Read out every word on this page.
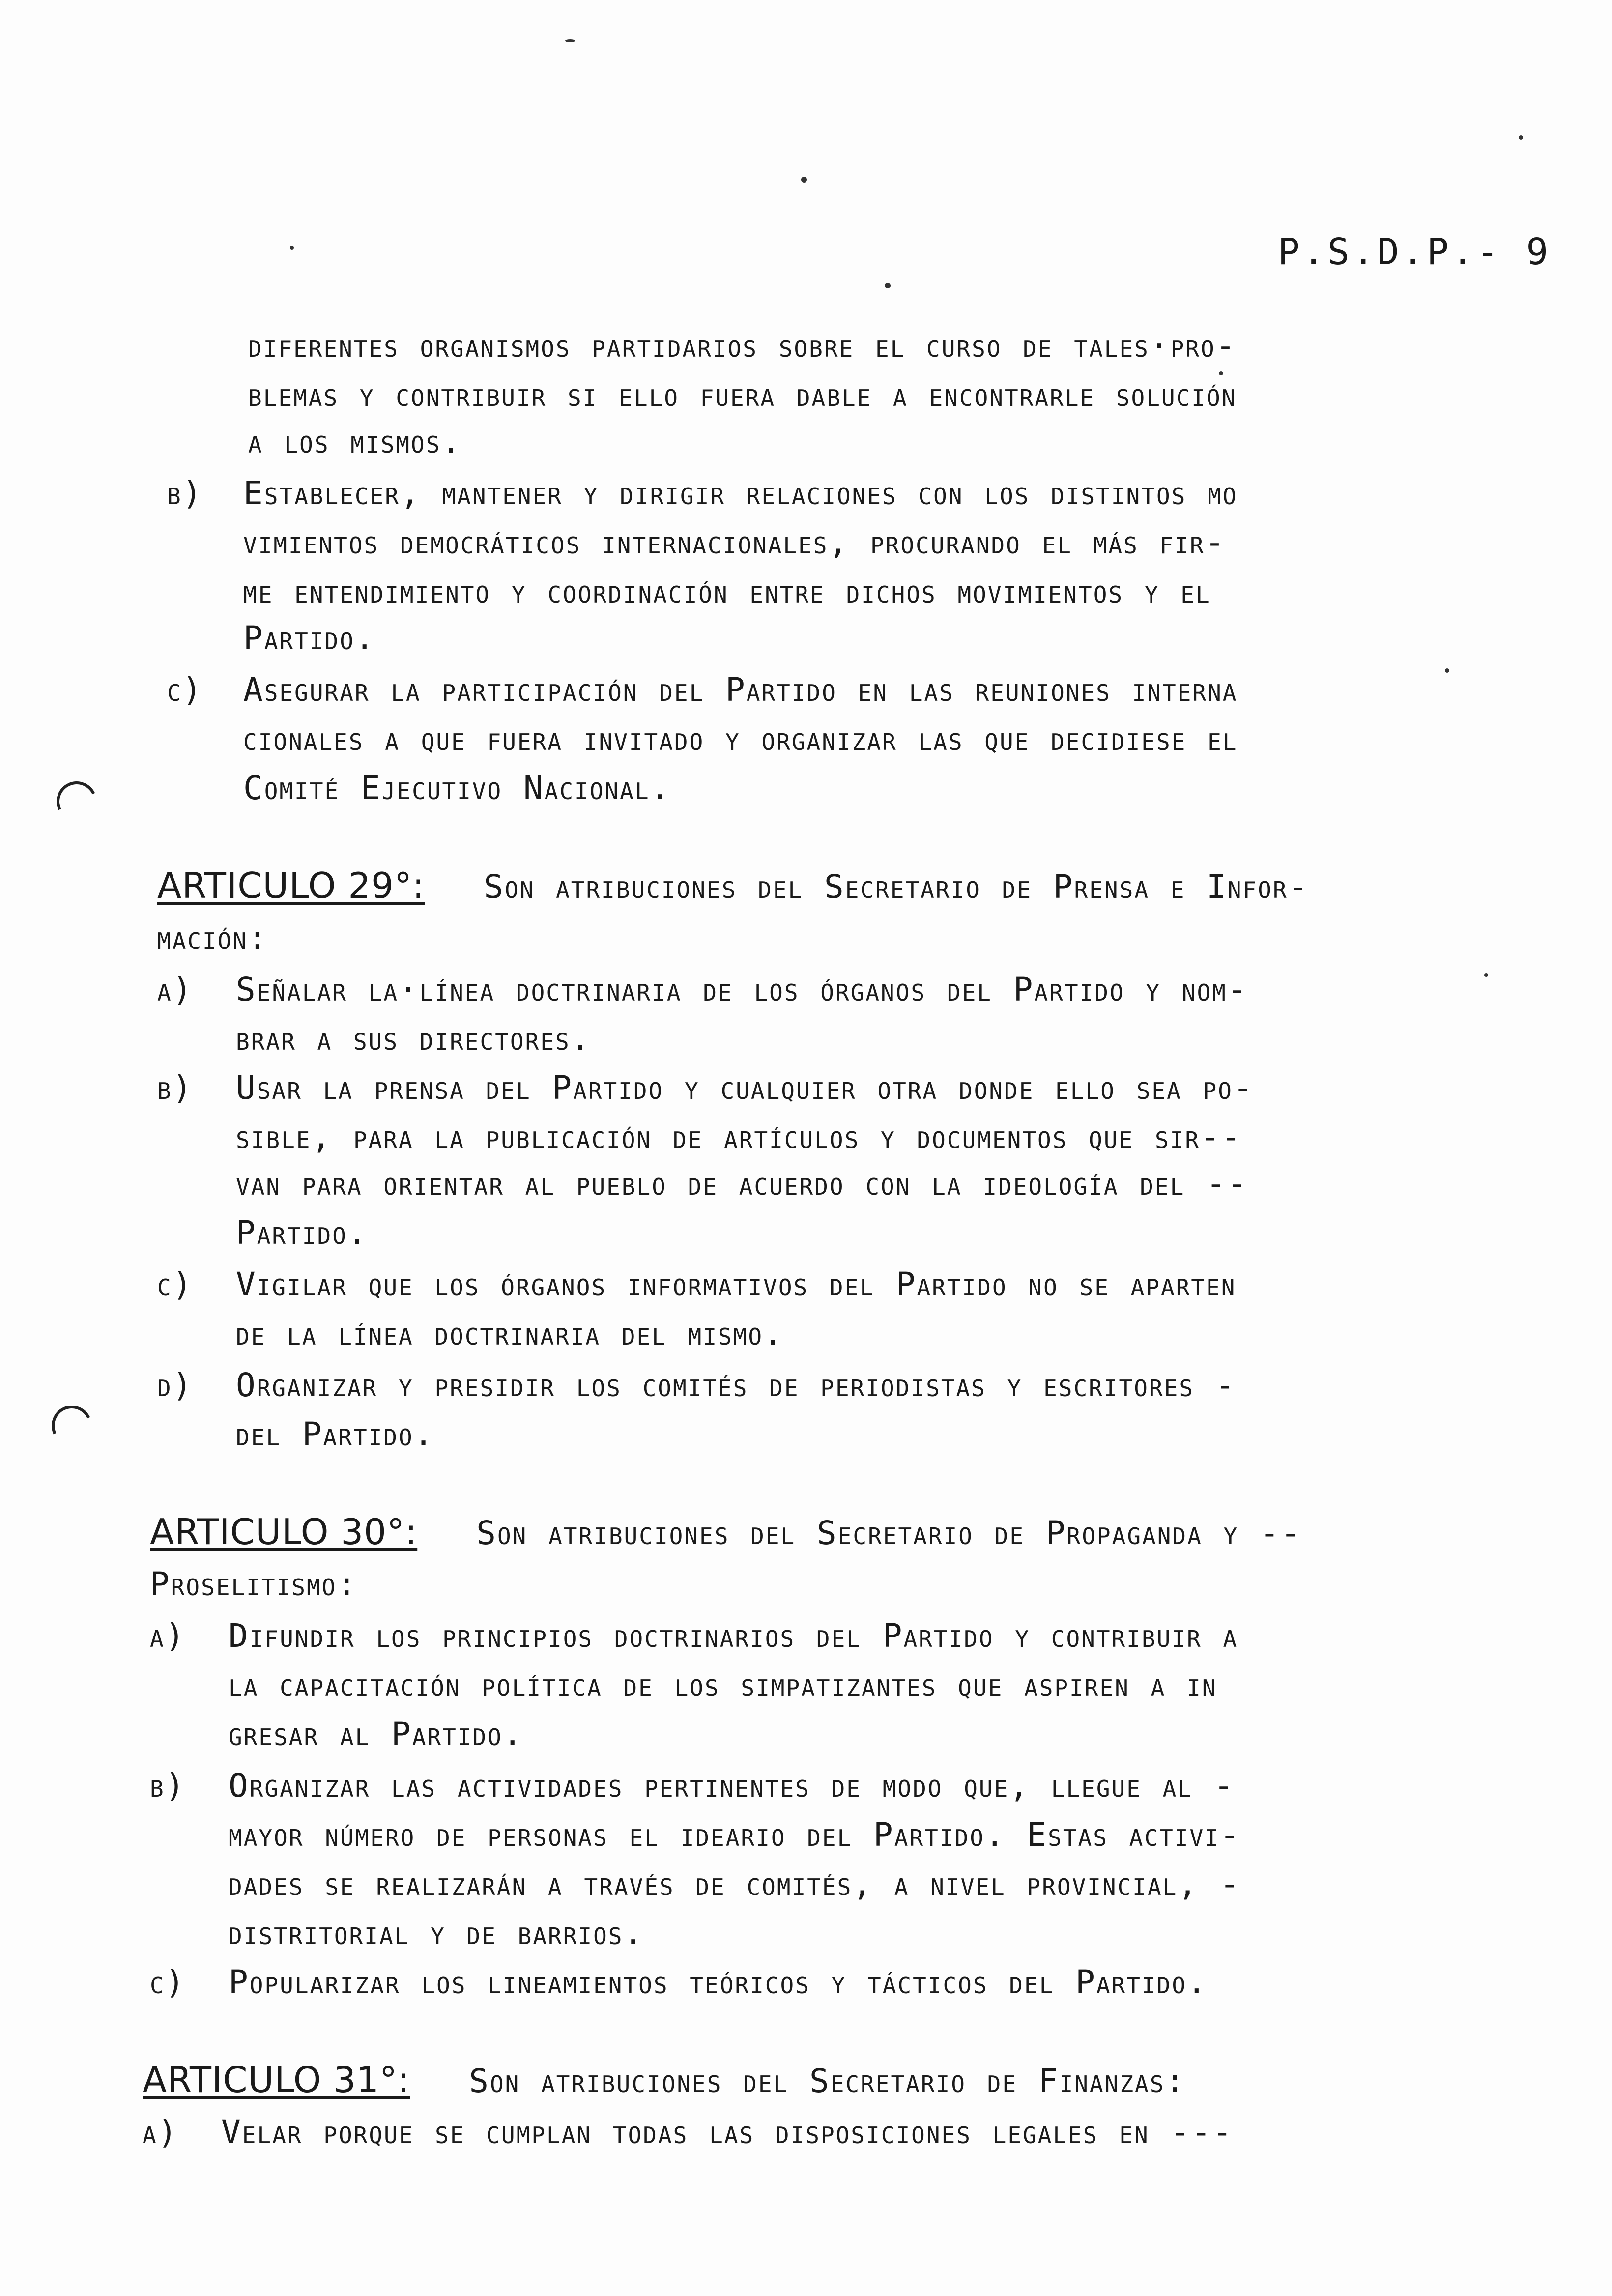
P.S.D.P.- 9
diferentes organismos partidarios sobre el curso de tales·pro-
blemas y contribuir si ello fuera dable a encontrarle solución
a los mismos.
b) Establecer, mantener y dirigir relaciones con los distintos mo
vimientos democráticos internacionales, procurando el más fir-
me entendimiento y coordinación entre dichos movimientos y el
Partido.
c) Asegurar la participación del Partido en las reuniones interna
cionales a que fuera invitado y organizar las que decidiese el
Comité Ejecutivo Nacional.
ARTICULO 29°: Son atribuciones del Secretario de Prensa e Infor-
mación:
a) Señalar la·línea doctrinaria de los órganos del Partido y nom-
brar a sus directores.
b) Usar la prensa del Partido y cualquier otra donde ello sea po-
sible, para la publicación de artículos y documentos que sir--
van para orientar al pueblo de acuerdo con la ideología del --
Partido.
c) Vigilar que los órganos informativos del Partido no se aparten
de la línea doctrinaria del mismo.
d) Organizar y presidir los comités de periodistas y escritores -
del Partido.
ARTICULO 30°: Son atribuciones del Secretario de Propaganda y --
Proselitismo:
a) Difundir los principios doctrinarios del Partido y contribuir a
la capacitación política de los simpatizantes que aspiren a in
gresar al Partido.
b) Organizar las actividades pertinentes de modo que, llegue al -
mayor número de personas el ideario del Partido. Estas activi-
dades se realizarán a través de comités, a nivel provincial, -
distritorial y de barrios.
c) Popularizar los lineamientos teóricos y tácticos del Partido.
ARTICULO 31°: Son atribuciones del Secretario de Finanzas:
a) Velar porque se cumplan todas las disposiciones legales en ---
